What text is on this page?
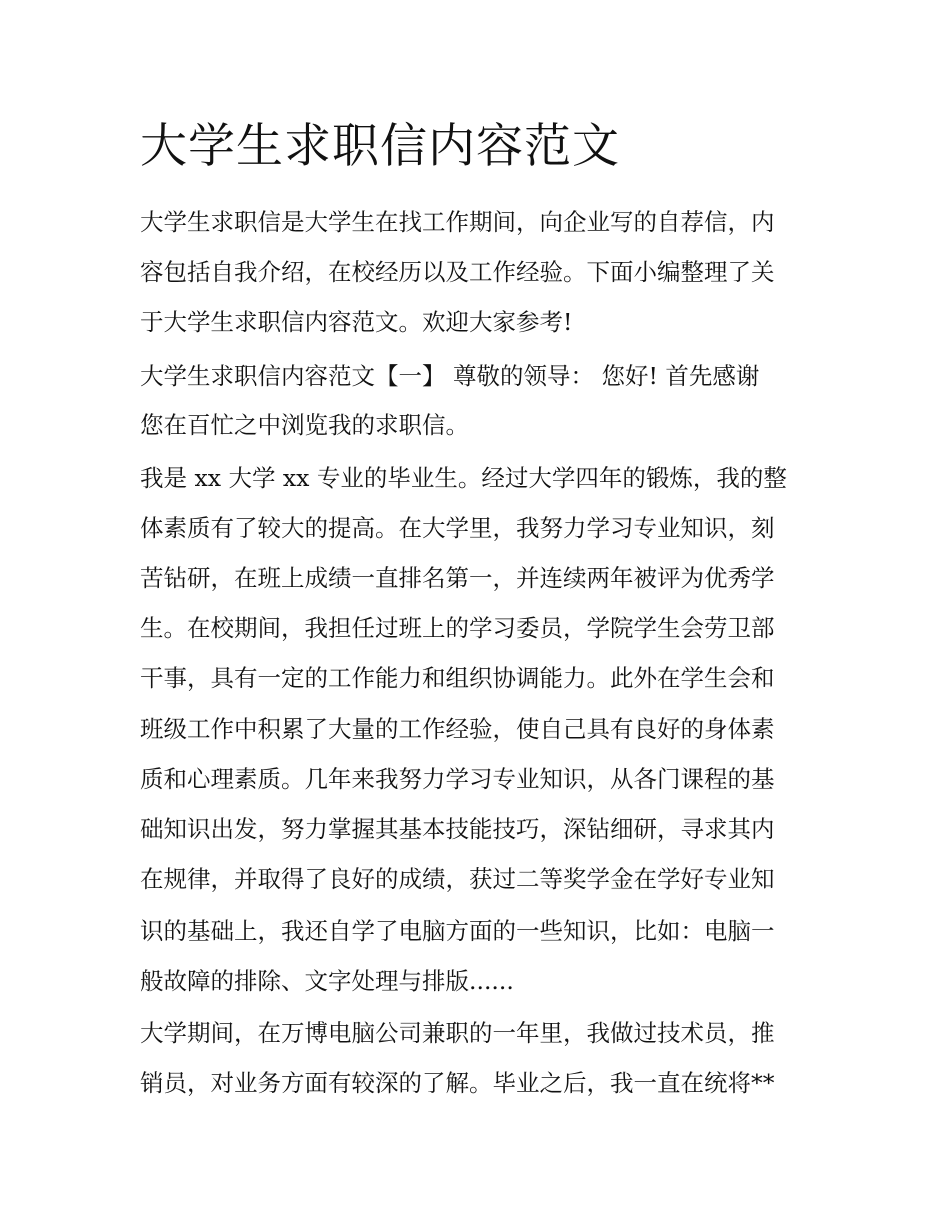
大学生求职信内容范文

大学生求职信是大学生在找工作期间，向企业写的自荐信，内

容包括自我介绍，在校经历以及工作经验。下面小编整理了关

于大学生求职信内容范文。欢迎大家参考!

大学生求职信内容范文【一】 尊敬的领导： 您好! 首先感谢

您在百忙之中浏览我的求职信。

我是 xx 大学 xx 专业的毕业生。经过大学四年的锻炼，我的整

体素质有了较大的提高。在大学里，我努力学习专业知识，刻

苦钻研，在班上成绩一直排名第一，并连续两年被评为优秀学

生。在校期间，我担任过班上的学习委员，学院学生会劳卫部

干事，具有一定的工作能力和组织协调能力。此外在学生会和

班级工作中积累了大量的工作经验，使自己具有良好的身体素

质和心理素质。几年来我努力学习专业知识，从各门课程的基

础知识出发，努力掌握其基本技能技巧，深钻细研，寻求其内

在规律，并取得了良好的成绩，获过二等奖学金在学好专业知

识的基础上，我还自学了电脑方面的一些知识，比如：电脑一

般故障的排除、文字处理与排版......

大学期间，在万博电脑公司兼职的一年里，我做过技术员，推

销员，对业务方面有较深的了解。毕业之后，我一直在统将**
